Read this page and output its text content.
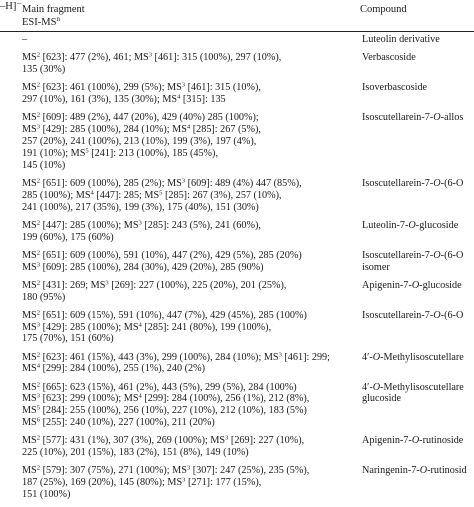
–H]⁻ Main fragment
ESI-$MS^n$
Compound
–	Luteolin derivative
$MS^2$ [623]: 477 (2%), 461; $MS^3$ [461]: 315 (100%), 297 (10%),
135 (30%)
Verbascoside
$MS^2$ [623]: 461 (100%), 299 (5%); $MS^3$ [461]: 315 (10%),
297 (10%), 161 (3%), 135 (30%); $MS^4$ [315]: 135
Isoverbascoside
$MS^2$ [609]: 489 (2%), 447 (20%), 429 (40%) 285 (100%);
$MS^3$ [429]: 285 (100%), 284 (10%); $MS^4$ [285]: 267 (5%),
257 (20%), 241 (100%), 213 (10%), 199 (3%), 197 (4%),
191 (10%); $MS^5$ [241]: 213 (100%), 185 (45%),
145 (10%)
Isoscutellarein-7-O-allos
$MS^2$ [651]: 609 (100%), 285 (2%); $MS^3$ [609]: 489 (4%) 447 (85%),
285 (100%); $MS^4$ [447]: 285; $MS^5$ [285]: 267 (3%), 257 (10%),
241 (100%), 217 (35%), 199 (3%), 175 (40%), 151 (30%)
Isoscutellarein-7-O-(6-O
$MS^2$ [447]: 285 (100%); $MS^3$ [285]: 243 (5%), 241 (60%),
199 (60%), 175 (60%)
Luteolin-7-O-glucoside
$MS^2$ [651]: 609 (100%), 591 (10%), 447 (2%), 429 (5%), 285 (20%)
$MS^3$ [609]: 285 (100%), 284 (30%), 429 (20%), 285 (90%)
Isoscutellarein-7-O-(6-O
isomer
$MS^2$ [431]: 269; $MS^3$ [269]: 227 (100%), 225 (20%), 201 (25%),
180 (95%)
Apigenin-7-O-glucoside
$MS^2$ [651]: 609 (15%), 591 (10%), 447 (7%), 429 (45%), 285 (100%)
$MS^3$ [429]: 285 (100%); $MS^4$ [285]: 241 (80%), 199 (100%),
175 (70%), 151 (60%)
Isoscutellarein-7-O-(6-O
$MS^2$ [623]: 461 (15%), 443 (3%), 299 (100%), 284 (10%); $MS^3$ [461]: 299;
$MS^4$ [299]: 284 (100%), 255 (1%), 240 (2%)
4′-O-Methylisoscutellare
$MS^2$ [665]: 623 (15%), 461 (2%), 443 (5%), 299 (5%), 284 (100%)
$MS^3$ [623]: 299 (100%); $MS^4$ [299]: 284 (100%), 256 (1%), 212 (8%),
$MS^5$ [284]: 255 (100%), 256 (10%), 227 (10%), 212 (10%), 183 (5%)
$MS^6$ [255]: 240 (10%), 227 (100%), 211 (20%)
4′-O-Methylisoscutellare
glucoside
$MS^2$ [577]: 431 (1%), 307 (3%), 269 (100%); $MS^3$ [269]: 227 (10%),
225 (10%), 201 (15%), 183 (2%), 151 (8%), 149 (10%)
Apigenin-7-O-rutinoside
$MS^2$ [579]: 307 (75%), 271 (100%); $MS^3$ [307]: 247 (25%), 235 (5%),
187 (25%), 169 (20%), 145 (80%); $MS^3$ [271]: 177 (15%),
151 (100%)
Naringenin-7-O-rutinosid
